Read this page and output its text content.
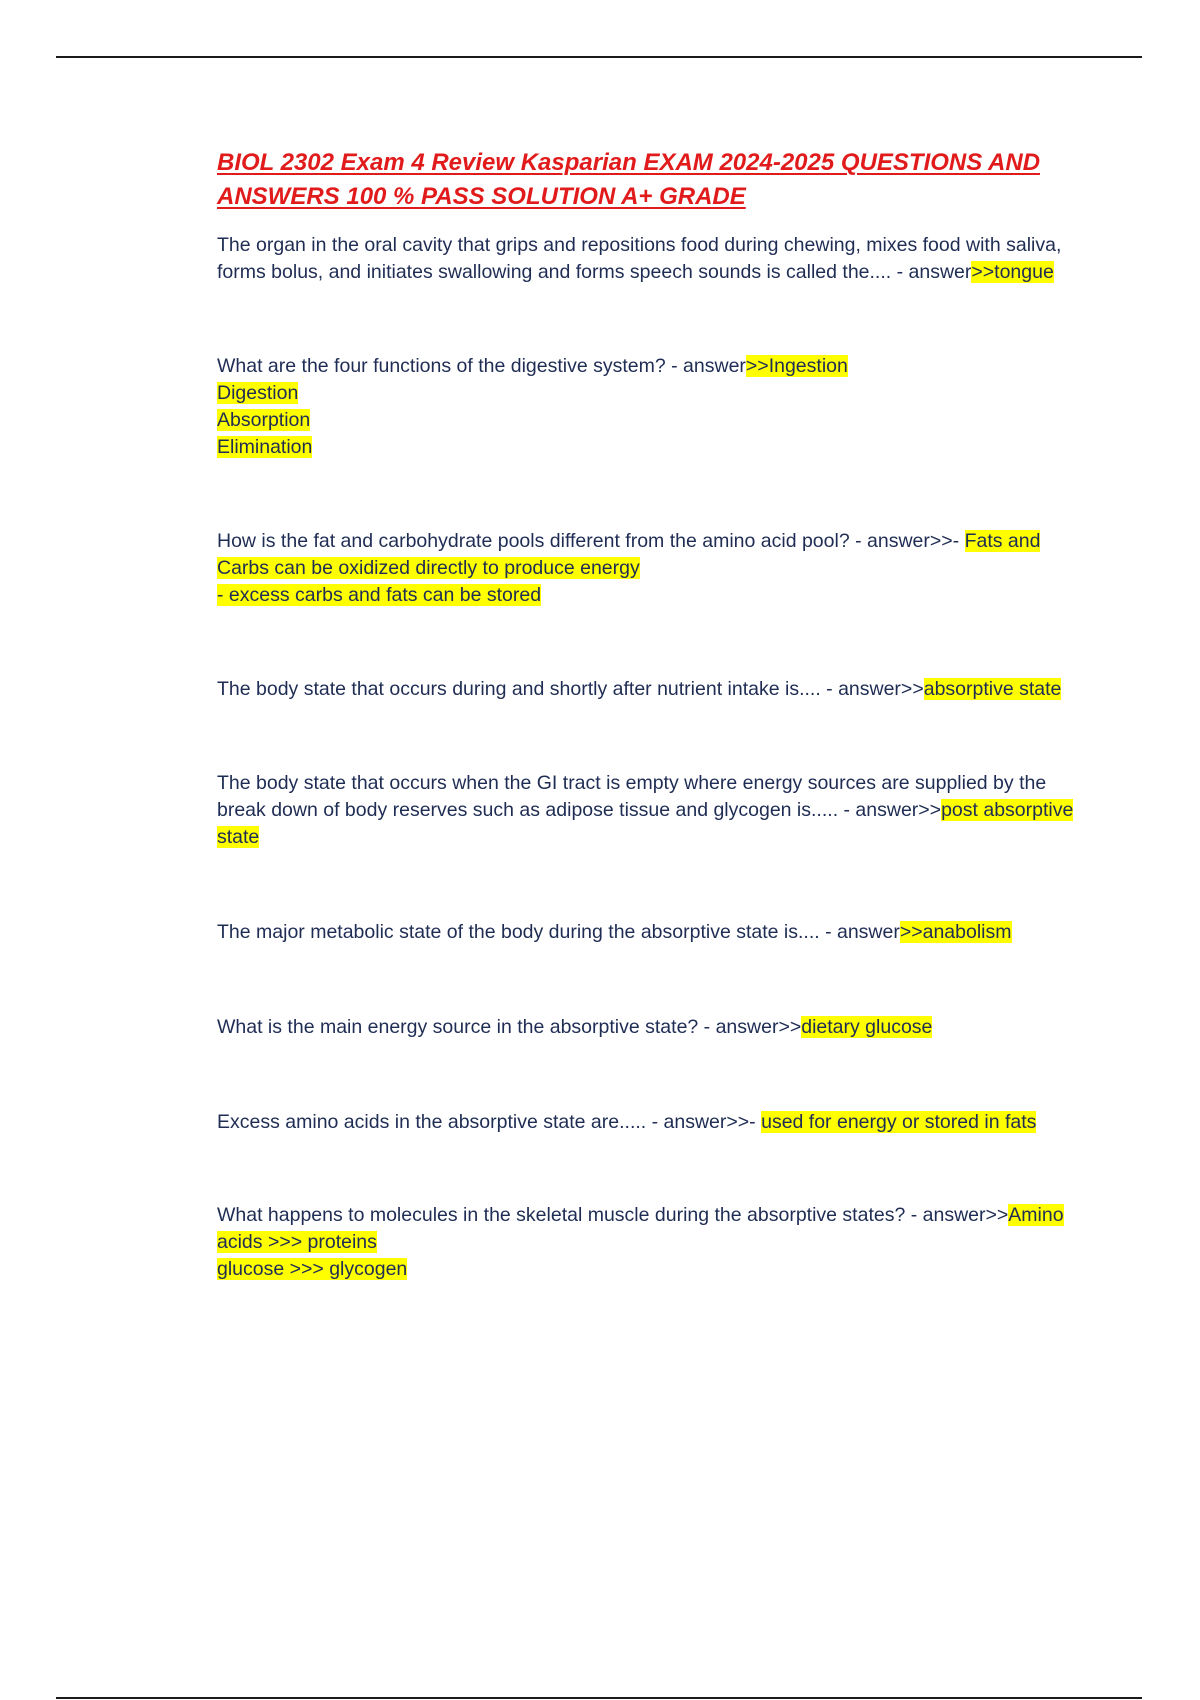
BIOL 2302 Exam 4 Review Kasparian EXAM 2024-2025 QUESTIONS AND ANSWERS 100 % PASS SOLUTION A+ GRADE

The organ in the oral cavity that grips and repositions food during chewing, mixes food with saliva, forms bolus, and initiates swallowing and forms speech sounds is called the.... - answer>>tongue

What are the four functions of the digestive system? - answer>>Ingestion

Digestion

Absorption

Elimination

How is the fat and carbohydrate pools different from the amino acid pool? - answer>>- Fats and Carbs can be oxidized directly to produce energy

- excess carbs and fats can be stored

The body state that occurs during and shortly after nutrient intake is.... - answer>>absorptive state

The body state that occurs when the GI tract is empty where energy sources are supplied by the break down of body reserves such as adipose tissue and glycogen is..... - answer>>post absorptive state

The major metabolic state of the body during the absorptive state is.... - answer>>anabolism

What is the main energy source in the absorptive state? - answer>>dietary glucose

Excess amino acids in the absorptive state are..... - answer>>- used for energy or stored in fats

What happens to molecules in the skeletal muscle during the absorptive states? - answer>>Amino acids >>> proteins

glucose >>> glycogen
